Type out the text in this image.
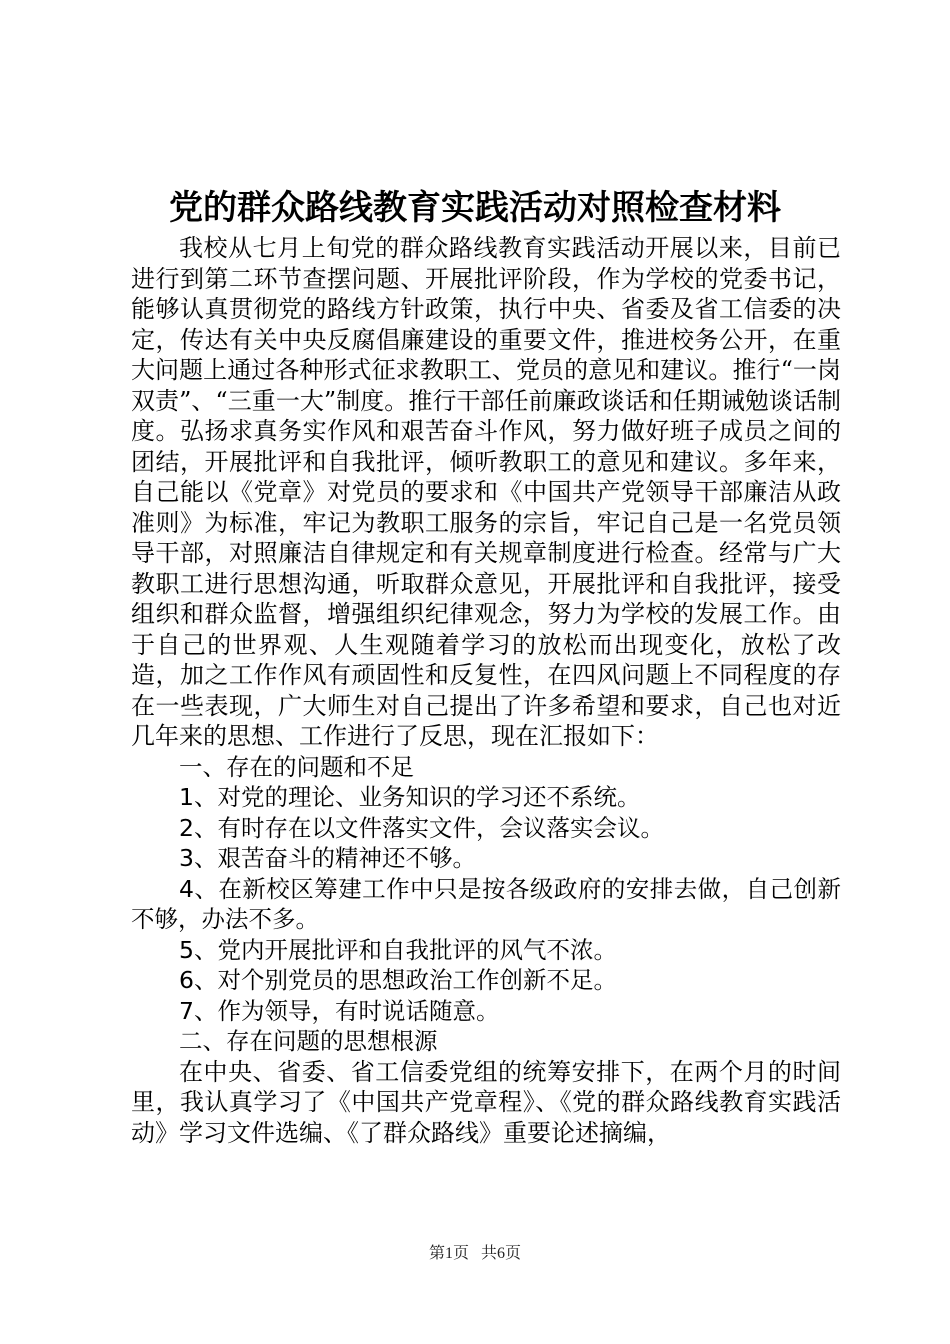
党的群众路线教育实践活动对照检查材料

我校从七月上旬党的群众路线教育实践活动开展以来，目前已进行到第二环节查摆问题、开展批评阶段，作为学校的党委书记，能够认真贯彻党的路线方针政策，执行中央、省委及省工信委的决定，传达有关中央反腐倡廉建设的重要文件，推进校务公开，在重大问题上通过各种形式征求教职工、党员的意见和建议。推行“一岗双责”、“三重一大”制度。推行干部任前廉政谈话和任期诫勉谈话制度。弘扬求真务实作风和艰苦奋斗作风，努力做好班子成员之间的团结，开展批评和自我批评，倾听教职工的意见和建议。多年来，自己能以《党章》对党员的要求和《中国共产党领导干部廉洁从政准则》为标准，牢记为教职工服务的宗旨，牢记自己是一名党员领导干部，对照廉洁自律规定和有关规章制度进行检查。经常与广大教职工进行思想沟通，听取群众意见，开展批评和自我批评，接受组织和群众监督，增强组织纪律观念，努力为学校的发展工作。由于自己的世界观、人生观随着学习的放松而出现变化，放松了改造，加之工作作风有顽固性和反复性，在四风问题上不同程度的存在一些表现，广大师生对自己提出了许多希望和要求，自己也对近几年来的思想、工作进行了反思，现在汇报如下：

一、存在的问题和不足

1、对党的理论、业务知识的学习还不系统。

2、有时存在以文件落实文件，会议落实会议。

3、艰苦奋斗的精神还不够。

4、在新校区筹建工作中只是按各级政府的安排去做，自己创新不够，办法不多。

5、党内开展批评和自我批评的风气不浓。

6、对个别党员的思想政治工作创新不足。

7、作为领导，有时说话随意。

二、存在问题的思想根源

在中央、省委、省工信委党组的统筹安排下，在两个月的时间里，我认真学习了《中国共产党章程》、《党的群众路线教育实践活动》学习文件选编、《了群众路线》重要论述摘编，

第1页 共6页
